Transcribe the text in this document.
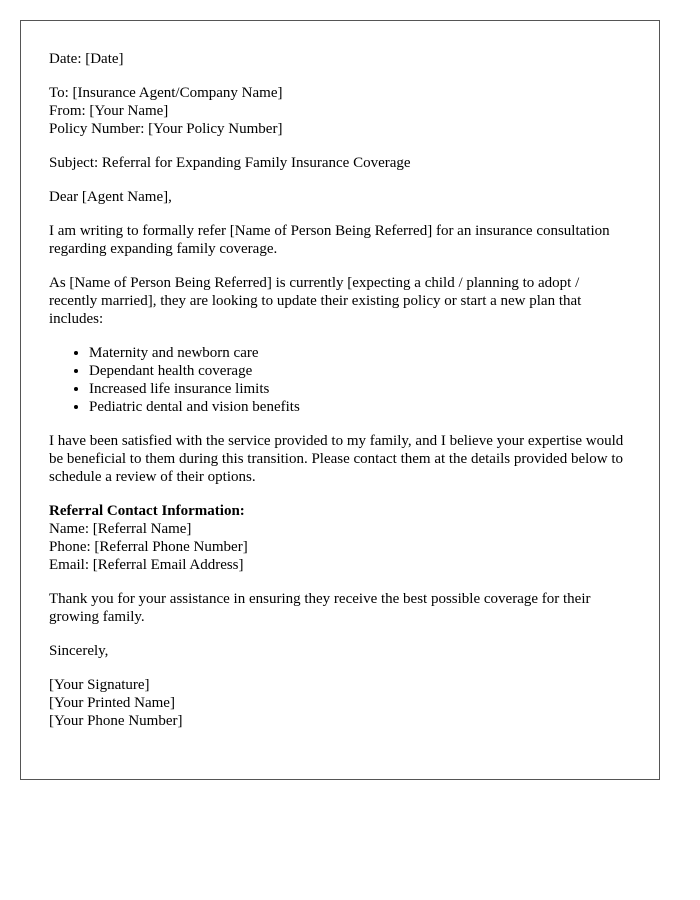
Date: [Date]

To: [Insurance Agent/Company Name]
From: [Your Name]
Policy Number: [Your Policy Number]

Subject: Referral for Expanding Family Insurance Coverage

Dear [Agent Name],

I am writing to formally refer [Name of Person Being Referred] for an insurance consultation regarding expanding family coverage.

As [Name of Person Being Referred] is currently [expecting a child / planning to adopt / recently married], they are looking to update their existing policy or start a new plan that includes:

• Maternity and newborn care
• Dependant health coverage
• Increased life insurance limits
• Pediatric dental and vision benefits

I have been satisfied with the service provided to my family, and I believe your expertise would be beneficial to them during this transition. Please contact them at the details provided below to schedule a review of their options.

Referral Contact Information:
Name: [Referral Name]
Phone: [Referral Phone Number]
Email: [Referral Email Address]

Thank you for your assistance in ensuring they receive the best possible coverage for their growing family.

Sincerely,

[Your Signature]
[Your Printed Name]
[Your Phone Number]
